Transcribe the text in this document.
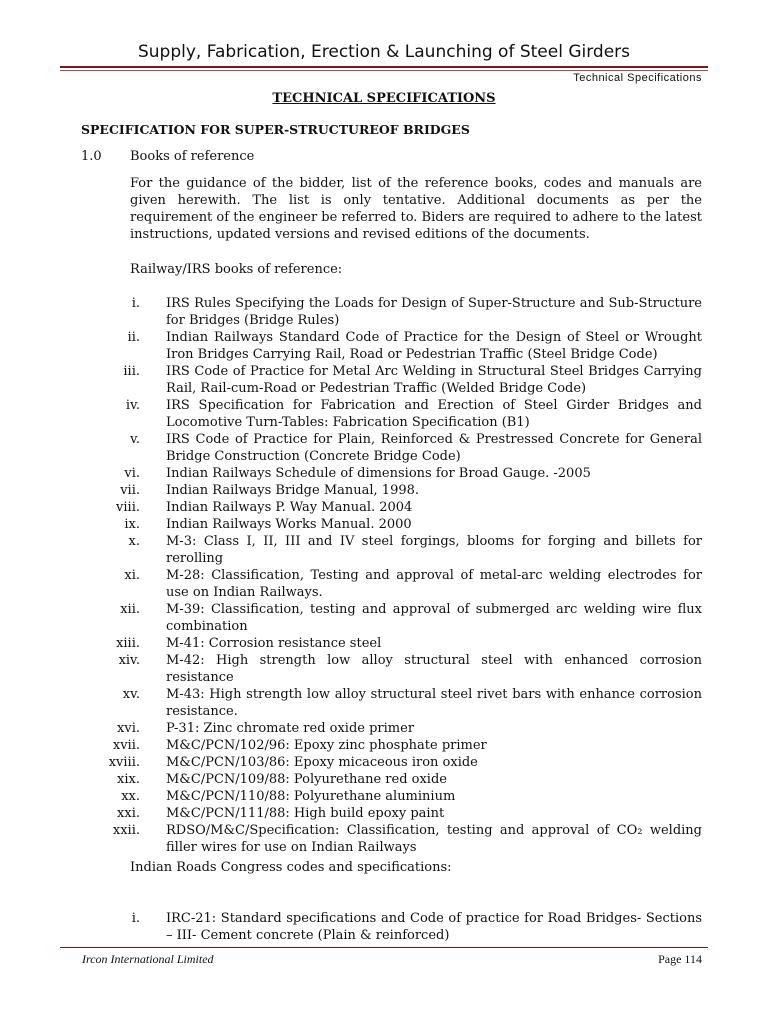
Supply, Fabrication, Erection & Launching of Steel Girders
Technical Specifications
TECHNICAL SPECIFICATIONS
SPECIFICATION FOR SUPER-STRUCTUREOF BRIDGES
1.0 Books of reference
For the guidance of the bidder, list of the reference books, codes and manuals are given herewith. The list is only tentative. Additional documents as per the requirement of the engineer be referred to. Biders are required to adhere to the latest instructions, updated versions and revised editions of the documents.
Railway/IRS books of reference:
i.	IRS Rules Specifying the Loads for Design of Super-Structure and Sub-Structure for Bridges (Bridge Rules)
ii.	Indian Railways Standard Code of Practice for the Design of Steel or Wrought Iron Bridges Carrying Rail, Road or Pedestrian Traffic (Steel Bridge Code)
iii.	IRS Code of Practice for Metal Arc Welding in Structural Steel Bridges Carrying Rail, Rail-cum-Road or Pedestrian Traffic (Welded Bridge Code)
iv.	IRS Specification for Fabrication and Erection of Steel Girder Bridges and Locomotive Turn-Tables: Fabrication Specification (B1)
v.	IRS Code of Practice for Plain, Reinforced & Prestressed Concrete for General Bridge Construction (Concrete Bridge Code)
vi.	Indian Railways Schedule of dimensions for Broad Gauge. -2005
vii.	Indian Railways Bridge Manual, 1998.
viii.	Indian Railways P. Way Manual. 2004
ix.	Indian Railways Works Manual. 2000
x.	M-3: Class I, II, III and IV steel forgings, blooms for forging and billets for rerolling
xi.	M-28: Classification, Testing and approval of metal-arc welding electrodes for use on Indian Railways.
xii.	M-39: Classification, testing and approval of submerged arc welding wire flux combination
xiii.	M-41: Corrosion resistance steel
xiv.	M-42: High strength low alloy structural steel with enhanced corrosion resistance
xv.	M-43: High strength low alloy structural steel rivet bars with enhance corrosion resistance.
xvi.	P-31: Zinc chromate red oxide primer
xvii.	M&C/PCN/102/96: Epoxy zinc phosphate primer
xviii.	M&C/PCN/103/86: Epoxy micaceous iron oxide
xix.	M&C/PCN/109/88: Polyurethane red oxide
xx.	M&C/PCN/110/88: Polyurethane aluminium
xxi.	M&C/PCN/111/88: High build epoxy paint
xxii.	RDSO/M&C/Specification: Classification, testing and approval of CO₂ welding filler wires for use on Indian Railways
Indian Roads Congress codes and specifications:
i.	IRC-21: Standard specifications and Code of practice for Road Bridges- Sections – III- Cement concrete (Plain & reinforced)
Ircon International Limited	Page 114
